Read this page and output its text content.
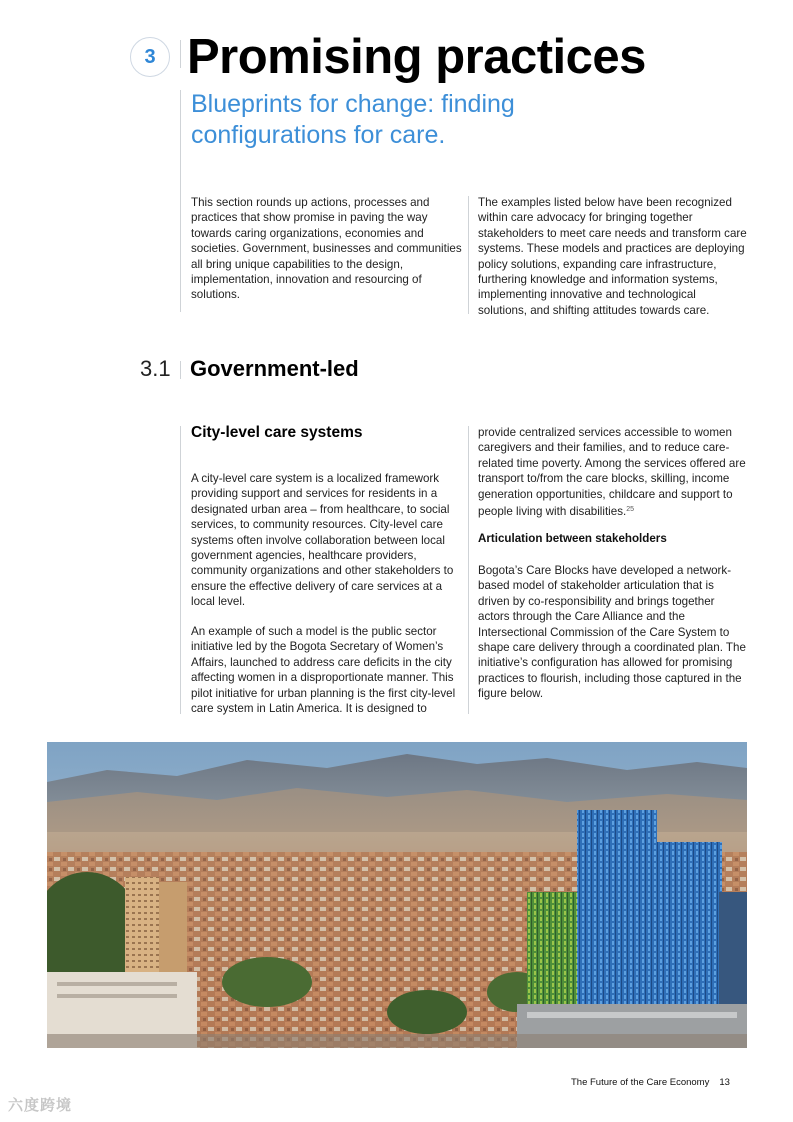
3 Promising practices
Blueprints for change: finding configurations for care.
This section rounds up actions, processes and practices that show promise in paving the way towards caring organizations, economies and societies. Government, businesses and communities all bring unique capabilities to the design, implementation, innovation and resourcing of solutions.
The examples listed below have been recognized within care advocacy for bringing together stakeholders to meet care needs and transform care systems. These models and practices are deploying policy solutions, expanding care infrastructure, furthering knowledge and information systems, implementing innovative and technological solutions, and shifting attitudes towards care.
3.1 Government-led
City-level care systems
A city-level care system is a localized framework providing support and services for residents in a designated urban area – from healthcare, to social services, to community resources. City-level care systems often involve collaboration between local government agencies, healthcare providers, community organizations and other stakeholders to ensure the effective delivery of care services at a local level.
An example of such a model is the public sector initiative led by the Bogota Secretary of Women’s Affairs, launched to address care deficits in the city affecting women in a disproportionate manner. This pilot initiative for urban planning is the first city-level care system in Latin America. It is designed to
provide centralized services accessible to women caregivers and their families, and to reduce care-related time poverty. Among the services offered are transport to/from the care blocks, skilling, income generation opportunities, childcare and support to people living with disabilities.$^{25}$
Articulation between stakeholders
Bogota’s Care Blocks have developed a network-based model of stakeholder articulation that is driven by co-responsibility and brings together actors through the Care Alliance and the Intersectional Commission of the Care System to shape care delivery through a coordinated plan. The initiative’s configuration has allowed for promising practices to flourish, including those captured in the figure below.
The Future of the Care Economy 13
六度跨境
